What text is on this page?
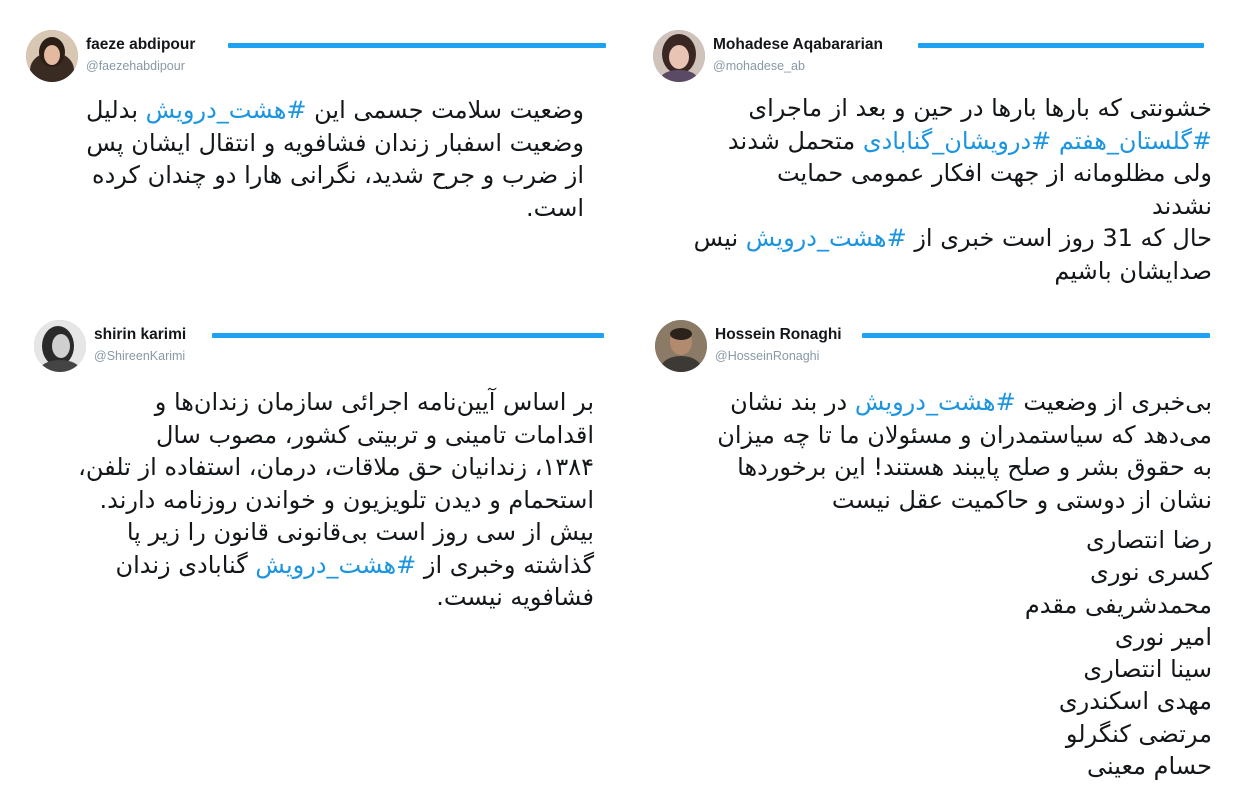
faeze abdipour
@faezehabdipour

وضعیت سلامت جسمی این #هشت_درویش بدلیل

وضعیت اسفبار زندان فشافویه و انتقال ایشان پس

از ضرب و جرح شدید، نگرانی هارا دو چندان کرده

است.

Mohadese Aqabararian
@mohadese_ab

خشونتی که بارها بارها در حین و بعد از ماجرای

#گلستان_هفتم #درویشان_گنابادی متحمل شدند

ولی مظلومانه از جهت افکار عمومی حمایت

نشدند

حال که 31 روز است خبری از #هشت_درویش نیس

صدایشان باشیم

shirin karimi
@ShireenKarimi

بر اساس آیین‌نامه اجرائی سازمان زندان‌ها و

اقدامات تامینی و تربیتی کشور، مصوب سال

۱۳۸۴، زندانیان حق ملاقات، درمان، استفاده از تلفن،

استحمام و دیدن تلویزیون و خواندن روزنامه دارند.

بیش از سی روز است بی‌قانونی قانون را زیر پا

گذاشته وخبری از #هشت_درویش گنابادی زندان

فشافویه نیست.

Hossein Ronaghi
@HosseinRonaghi

بی‌خبری از وضعیت #هشت_درویش در بند نشان

می‌دهد که سیاستمدران و مسئولان ما تا چه میزان

به حقوق بشر و صلح پایبند هستند! این برخوردها

نشان از دوستی و حاکمیت عقل نیست

رضا انتصاری

کسری نوری

محمدشریفی مقدم

امیر نوری

سینا انتصاری

مهدی اسکندری

مرتضی کنگرلو

حسام معینی
